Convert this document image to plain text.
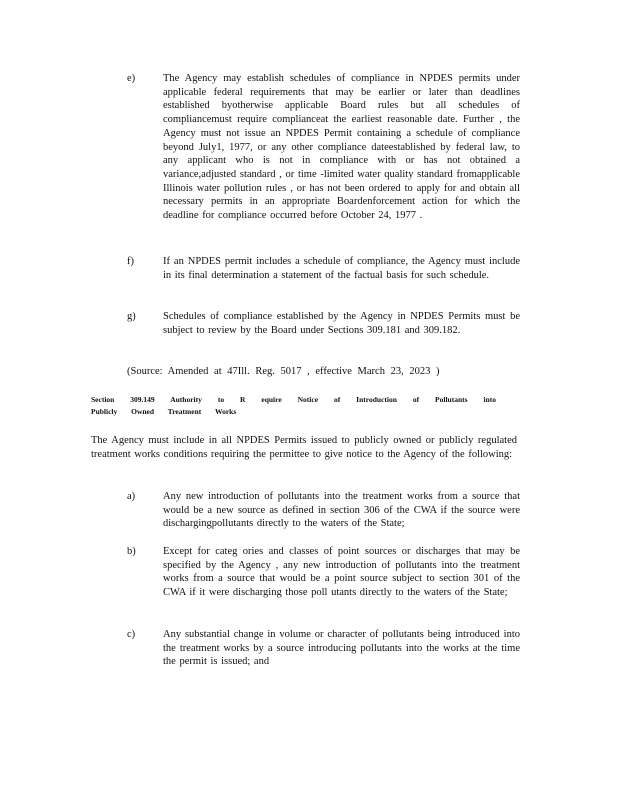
e)	The Agency may establish schedules of compliance in NPDES permits under applicable federal requirements that may be earlier or later than deadlines established byotherwise applicable Board rules but all schedules of compliancemust require complianceat the earliest reasonable date. Further , the Agency must not issue an NPDES Permit containing a schedule of compliance beyond July1, 1977, or any other compliance dateestablished by federal law, to any applicant who is not in compliance with or has not obtained a variance,adjusted standard , or time -limited water quality standard fromapplicable Illinois water pollution rules , or has not been ordered to apply for and obtain all necessary permits in an appropriate Boardenforcement action for which the deadline for compliance occurred before October 24, 1977 .
f)	If an NPDES permit includes a schedule of compliance, the Agency must include in its final determination a statement of the factual basis for such schedule.
g)	Schedules of compliance established by the Agency in NPDES Permits must be subject to review by the Board under Sections 309.181 and 309.182.
(Source: Amended at 47Ill. Reg. 5017 , effective March 23, 2023 )
Section 309.149 Authority to R equire Notice of Introduction of Pollutants into Publicly Owned Treatment Works
The Agency must include in all NPDES Permits issued to publicly owned or publicly regulated treatment works conditions requiring the permittee to give notice to the Agency of the following:
a)	Any new introduction of pollutants into the treatment works from a source that would be a new source as defined in section 306 of the CWA if the source were dischargingpollutants directly to the waters of the State;
b)	Except for categ ories and classes of point sources or discharges that may be specified by the Agency , any new introduction of pollutants into the treatment works from a source that would be a point source subject to section 301 of the CWA if it were discharging those poll utants directly to the waters of the State;
c)	Any substantial change in volume or character of pollutants being introduced into the treatment works by a source introducing pollutants into the works at the time the permit is issued; and
